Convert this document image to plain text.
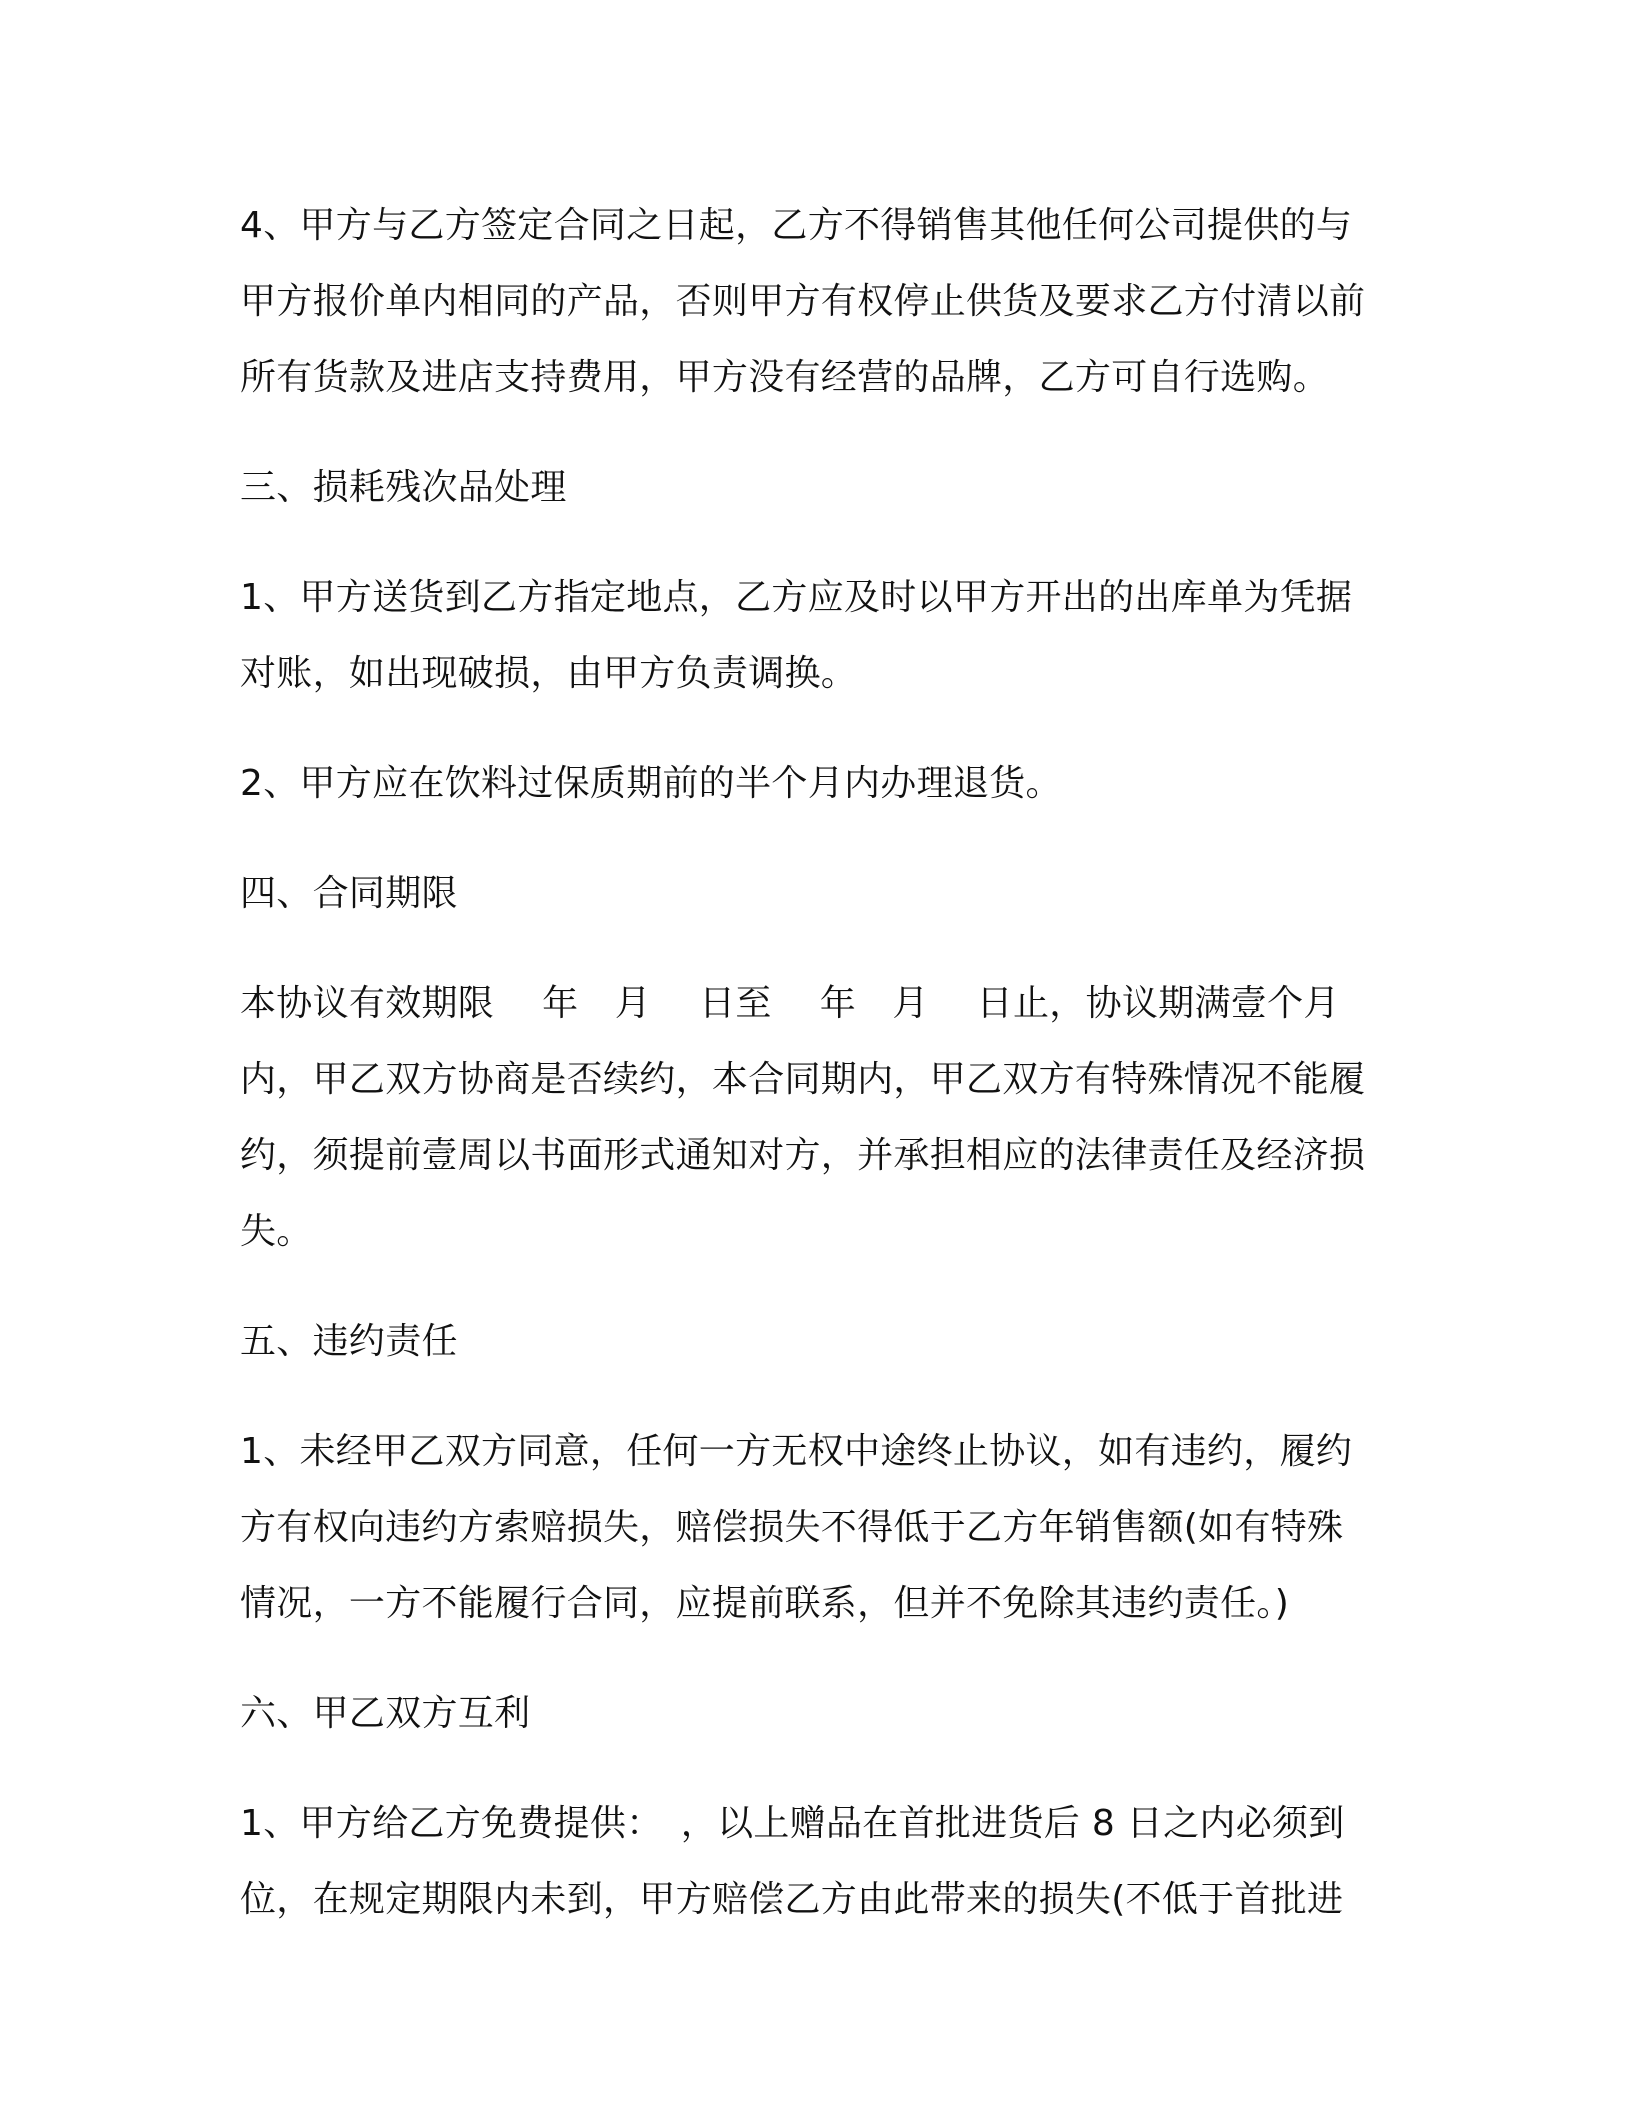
4、甲方与乙方签定合同之日起，乙方不得销售其他任何公司提供的与甲方报价单内相同的产品，否则甲方有权停止供货及要求乙方付清以前所有货款及进店支持费用，甲方没有经营的品牌，乙方可自行选购。

三、损耗残次品处理

1、甲方送货到乙方指定地点，乙方应及时以甲方开出的出库单为凭据对账，如出现破损，由甲方负责调换。

2、甲方应在饮料过保质期前的半个月内办理退货。

四、合同期限

本协议有效期限　 年　月　 日至　 年　月　 日止，协议期满壹个月内，甲乙双方协商是否续约，本合同期内，甲乙双方有特殊情况不能履约，须提前壹周以书面形式通知对方，并承担相应的法律责任及经济损失。

五、违约责任

1、未经甲乙双方同意，任何一方无权中途终止协议，如有违约，履约方有权向违约方索赔损失，赔偿损失不得低于乙方年销售额(如有特殊情况，一方不能履行合同，应提前联系，但并不免除其违约责任。)

六、甲乙双方互利

1、甲方给乙方免费提供：　，以上赠品在首批进货后 8 日之内必须到位，在规定期限内未到，甲方赔偿乙方由此带来的损失(不低于首批进
